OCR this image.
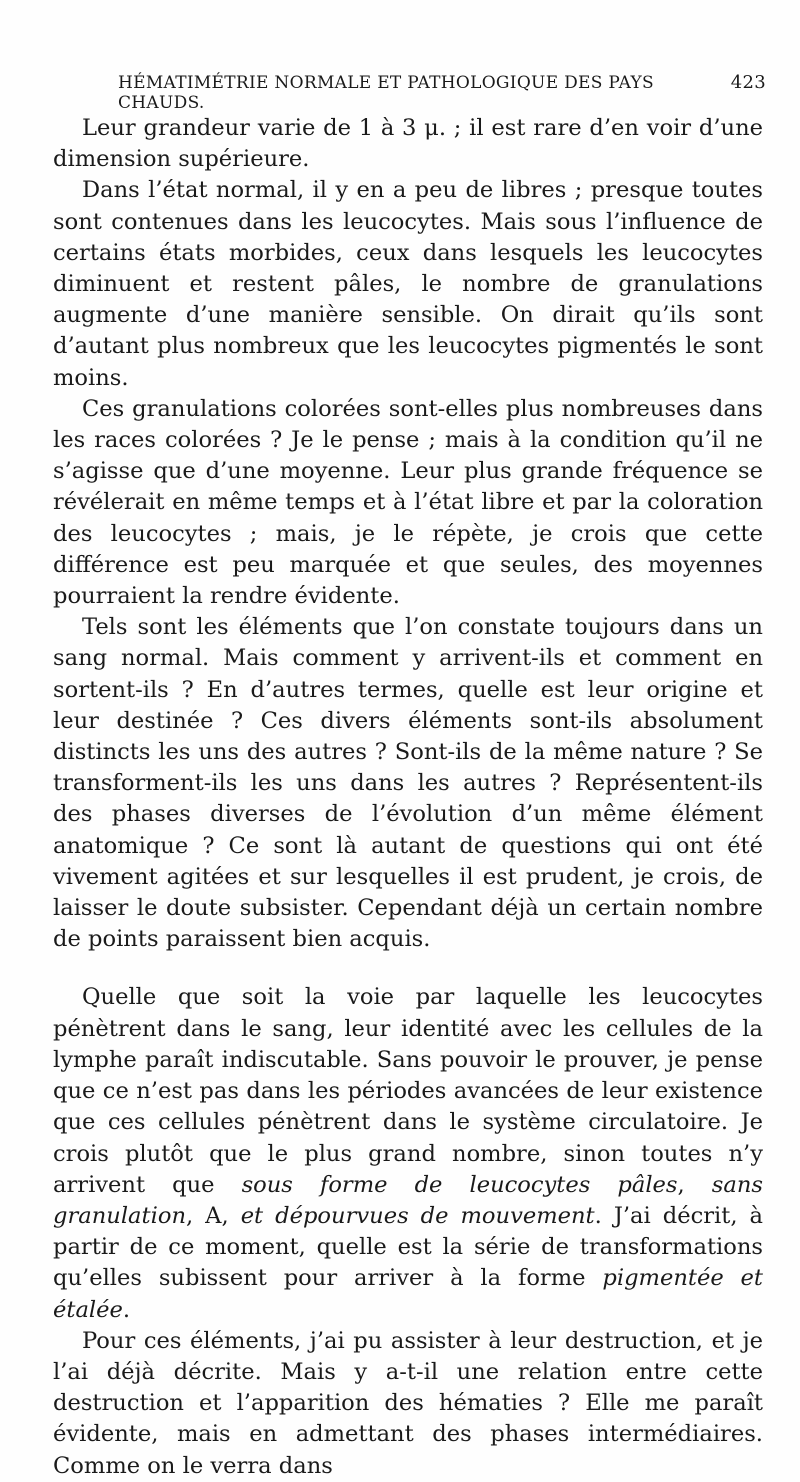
HÉMATIMÉTRIE NORMALE ET PATHOLOGIQUE DES PAYS CHAUDS.
423

Leur grandeur varie de 1 à 3 μ. ; il est rare d’en voir d’une dimension supérieure.

Dans l’état normal, il y en a peu de libres ; presque toutes sont contenues dans les leucocytes. Mais sous l’influence de certains états morbides, ceux dans lesquels les leucocytes diminuent et restent pâles, le nombre de granulations augmente d’une manière sensible. On dirait qu’ils sont d’autant plus nombreux que les leucocytes pigmentés le sont moins.

Ces granulations colorées sont-elles plus nombreuses dans les races colorées ? Je le pense ; mais à la condition qu’il ne s’agisse que d’une moyenne. Leur plus grande fréquence se révélerait en même temps et à l’état libre et par la coloration des leucocytes ; mais, je le répète, je crois que cette différence est peu marquée et que seules, des moyennes pourraient la rendre évidente.

Tels sont les éléments que l’on constate toujours dans un sang normal. Mais comment y arrivent-ils et comment en sortent-ils ? En d’autres termes, quelle est leur origine et leur destinée ? Ces divers éléments sont-ils absolument distincts les uns des autres ? Sont-ils de la même nature ? Se transforment-ils les uns dans les autres ? Représentent-ils des phases diverses de l’évolution d’un même élément anatomique ? Ce sont là autant de questions qui ont été vivement agitées et sur lesquelles il est prudent, je crois, de laisser le doute subsister. Cependant déjà un certain nombre de points paraissent bien acquis.

Quelle que soit la voie par laquelle les leucocytes pénètrent dans le sang, leur identité avec les cellules de la lymphe paraît indiscutable. Sans pouvoir le prouver, je pense que ce n’est pas dans les périodes avancées de leur existence que ces cellules pénètrent dans le système circulatoire. Je crois plutôt que le plus grand nombre, sinon toutes n’y arrivent que sous forme de leucocytes pâles, sans granulation, A, et dépourvues de mouvement. J’ai décrit, à partir de ce moment, quelle est la série de transformations qu’elles subissent pour arriver à la forme pigmentée et étalée.

Pour ces éléments, j’ai pu assister à leur destruction, et je l’ai déjà décrite. Mais y a-t-il une relation entre cette destruction et l’apparition des hématies ? Elle me paraît évidente, mais en admettant des phases intermédiaires. Comme on le verra dans
